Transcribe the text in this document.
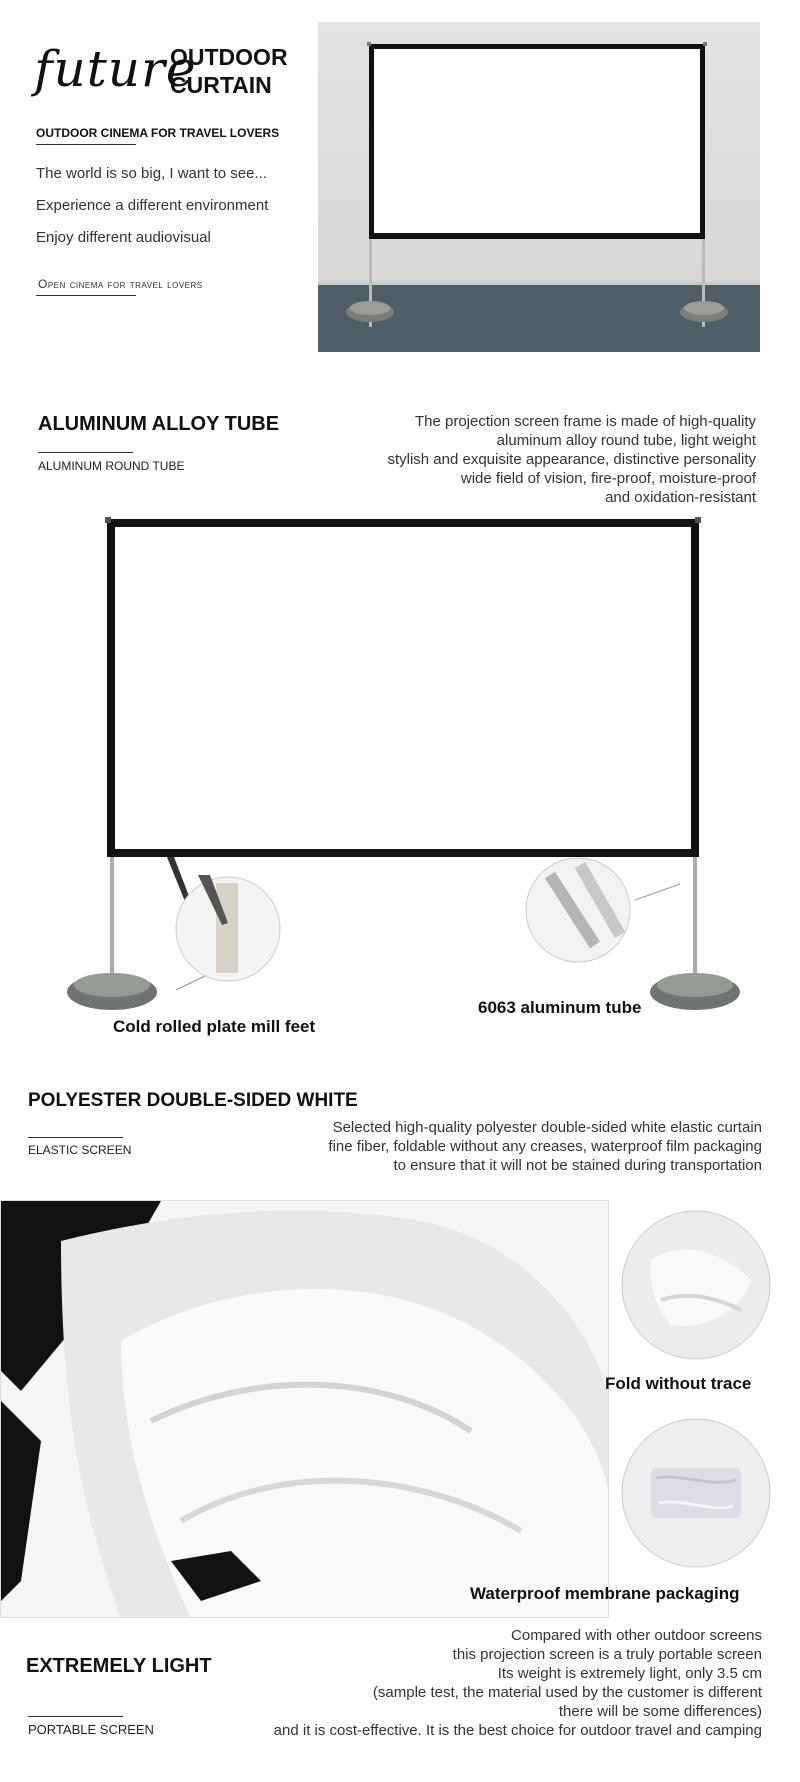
future
OUTDOOR
CURTAIN
OUTDOOR CINEMA FOR TRAVEL LOVERS
The world is so big, I want to see...
Experience a different environment
Enjoy different audiovisual
Open cinema for travel lovers
ALUMINUM ALLOY TUBE
ALUMINUM ROUND TUBE
The projection screen frame is made of high-quality
aluminum alloy round tube, light weight
stylish and exquisite appearance, distinctive personality
wide field of vision, fire-proof, moisture-proof
and oxidation-resistant
Cold rolled plate mill feet
6063 aluminum tube
POLYESTER DOUBLE-SIDED WHITE
ELASTIC SCREEN
Selected high-quality polyester double-sided white elastic curtain
fine fiber, foldable without any creases, waterproof film packaging
to ensure that it will not be stained during transportation
Fold without trace
Waterproof membrane packaging
EXTREMELY LIGHT
PORTABLE SCREEN
Compared with other outdoor screens
this projection screen is a truly portable screen
Its weight is extremely light, only 3.5 cm
(sample test, the material used by the customer is different
there will be some differences)
and it is cost-effective. It is the best choice for outdoor travel and camping
